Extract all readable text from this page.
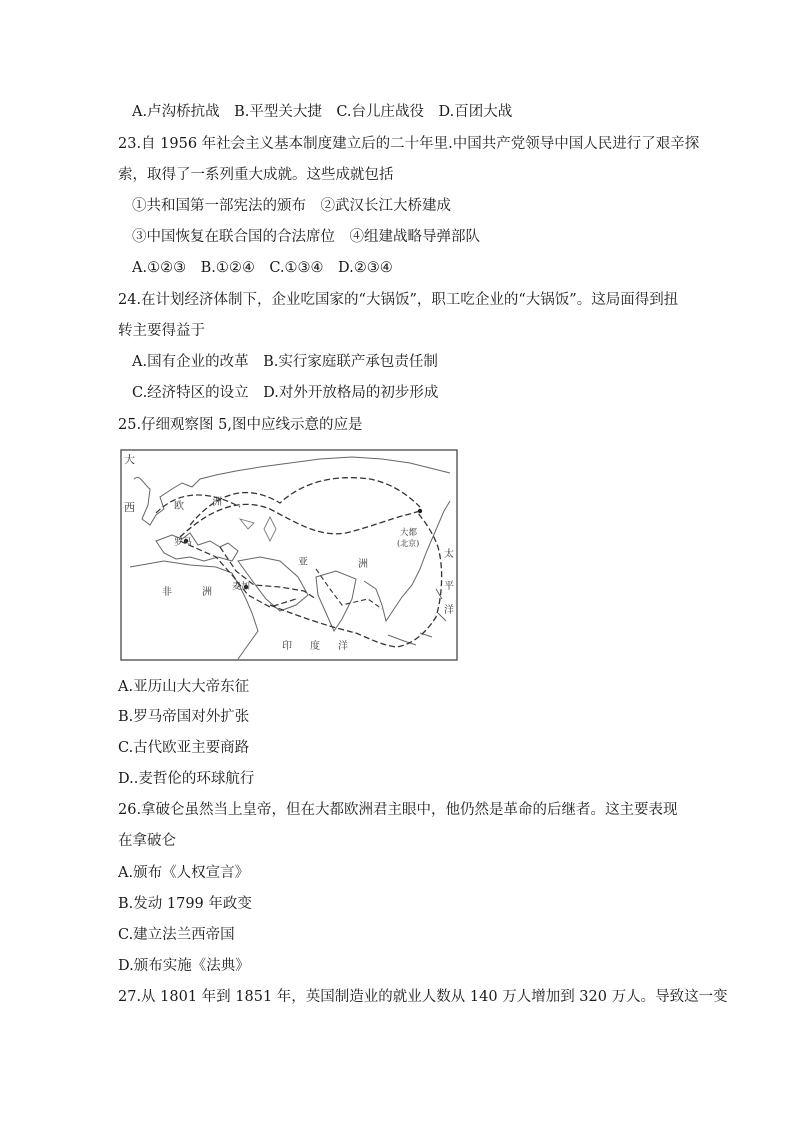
A.卢沟桥抗战　B.平型关大捷　C.台儿庄战役　D.百团大战
23.自 1956 年社会主义基本制度建立后的二十年里.中国共产党领导中国人民进行了艰辛探
索，取得了一系列重大成就。这些成就包括
①共和国第一部宪法的颁布　②武汉长江大桥建成
③中国恢复在联合国的合法席位　④组建战略导弹部队
A.①②③　B.①②④　C.①③④　D.②③④
24.在计划经济体制下，企业吃国家的“大锅饭”，职工吃企业的“大锅饭”。这局面得到扭
转主要得益于
A.国有企业的改革　B.实行家庭联产承包责任制
C.经济特区的设立　D.对外开放格局的初步形成
25.仔细观察图 5,图中应线示意的应是
大
西	欧	洲
罗马
亚	洲
大都
(北京)
麦加
非	洲
印 度 洋
太
平
洋
A.亚历山大大帝东征
B.罗马帝国对外扩张
C.古代欧亚主要商路
D..麦哲伦的环球航行
26.拿破仑虽然当上皇帝，但在大都欧洲君主眼中，他仍然是革命的后继者。这主要表现
在拿破仑
A.颁布《人权宣言》
B.发动 1799 年政变
C.建立法兰西帝国
D.颁布实施《法典》
27.从 1801 年到 1851 年，英国制造业的就业人数从 140 万人增加到 320 万人。导致这一变
